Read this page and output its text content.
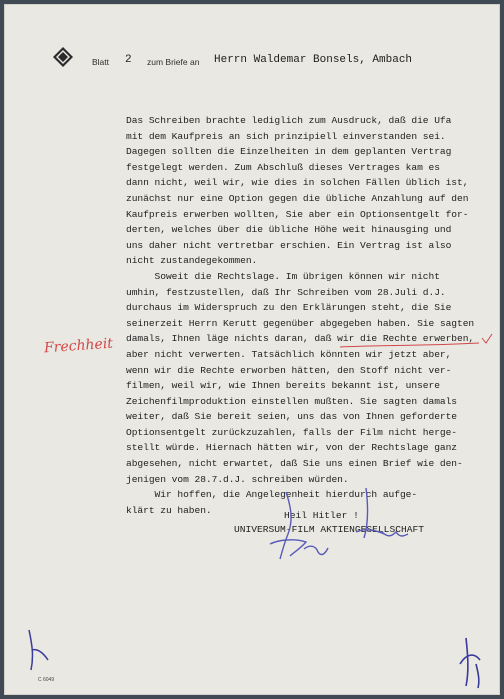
Blatt 2 zum Briefe an Herrn Waldemar Bonsels, Ambach
Das Schreiben brachte lediglich zum Ausdruck, daß die Ufa
mit dem Kaufpreis an sich prinzipiell einverstanden sei.
Dagegen sollten die Einzelheiten in dem geplanten Vertrag
festgelegt werden. Zum Abschluß dieses Vertrages kam es
dann nicht, weil wir, wie dies in solchen Fällen üblich ist,
zunächst nur eine Option gegen die übliche Anzahlung auf den
Kaufpreis erwerben wollten, Sie aber ein Optionsentgelt for-
derten, welches über die übliche Höhe weit hinausging und
uns daher nicht vertretbar erschien. Ein Vertrag ist also
nicht zustandegekommen.
Soweit die Rechtslage. Im übrigen können wir nicht
umhin, festzustellen, daß Ihr Schreiben vom 28.Juli d.J.
durchaus im Widerspruch zu den Erklärungen steht, die Sie
seinerzeit Herrn Kerutt gegenüber abgegeben haben. Sie sagten
damals, Ihnen läge nichts daran, daß wir die Rechte erwerben,
aber nicht verwerten. Tatsächlich könnten wir jetzt aber,
wenn wir die Rechte erworben hätten, den Stoff nicht ver-
filmen, weil wir, wie Ihnen bereits bekannt ist, unsere
Zeichenfilmproduktion einstellen mußten. Sie sagten damals
weiter, daß Sie bereit seien, uns das von Ihnen geforderte
Optionsentgelt zurückzuzahlen, falls der Film nicht herge-
stellt würde. Hiernach hätten wir, von der Rechtslage ganz
abgesehen, nicht erwartet, daß Sie uns einen Brief wie den-
jenigen vom 28.7.d.J. schreiben würden.
Wir hoffen, die Angelegenheit hierdurch aufge-
klärt zu haben.	Heil Hitler !
UNIVERSUM-FILM AKTIENGESELLSCHAFT
Frechheit
C 6049
